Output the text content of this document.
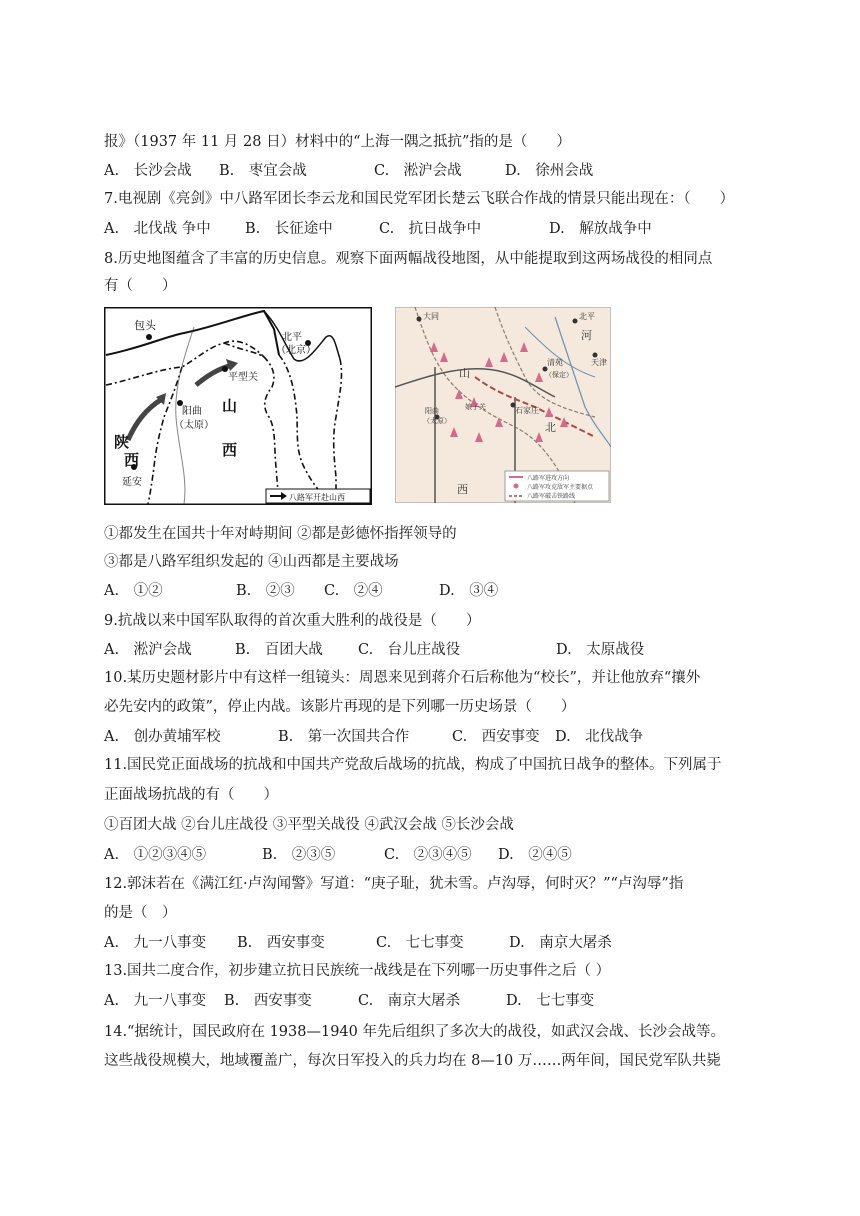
报》（1937 年 11 月 28 日）材料中的“上海一隅之抵抗”指的是（　　）
A.　长沙会战 B.　枣宜会战	C.　淞沪会战	D.　徐州会战
7.电视剧《亮剑》中八路军团长李云龙和国民党军团长楚云飞联合作战的情景只能出现在：（　　）
A.　北伐战 争中 B.　长征途中	C.　抗日战争中	D.　解放战争中
8.历史地图蕴含了丰富的历史信息。观察下面两幅战役地图，从中能提取到这两场战役的相同点
有（　　）
包头
北平
（北京）
平型关
山
西
阳曲
（太原）
陕
西
延安
八路军开赴山西
大同	北平
河
天津
清苑
（保定）
山
阳曲
（太原）
娘子关	石家庄
北
西
八路军进攻方向
八路军攻克敌军主要据点
八路军破击铁路线
①都发生在国共十年对峙期间 ②都是彭德怀指挥领导的
③都是八路军组织发起的 ④山西都是主要战场
A.　①②	B.　②③ C.　②④	D.　③④
9.抗战以来中国军队取得的首次重大胜利的战役是（　　）
A.　淞沪会战	B.　百团大战 C.　台儿庄战役	D.　太原战役
10.某历史题材影片中有这样一组镜头：周恩来见到蒋介石后称他为“校长”，并让他放弃“攘外
必先安内的政策”，停止内战。该影片再现的是下列哪一历史场景（　　）
A.　创办黄埔军校	B.　第一次国共合作	C.　西安事变 D.　北伐战争
11.国民党正面战场的抗战和中国共产党敌后战场的抗战，构成了中国抗日战争的整体。下列属于
正面战场抗战的有（　　）
①百团大战 ②台儿庄战役 ③平型关战役 ④武汉会战 ⑤长沙会战
A.　①②③④⑤	B.　②③⑤	C.　②③④⑤ D.　②④⑤
12.郭沫若在《满江红·卢沟闻警》写道：“庚子耻，犹未雪。卢沟辱，何时灭？”“卢沟辱”指
的是（　）
A.　九一八事变 B.　西安事变	C.　七七事变	D.　南京大屠杀
13.国共二度合作，初步建立抗日民族统一战线是在下列哪一历史事件之后（ ）
A.　九一八事变 B.　西安事变	C.　南京大屠杀	D.　七七事变
14.“据统计，国民政府在 1938—1940 年先后组织了多次大的战役，如武汉会战、长沙会战等。
这些战役规模大，地域覆盖广，每次日军投入的兵力均在 8—10 万……两年间，国民党军队共毙
